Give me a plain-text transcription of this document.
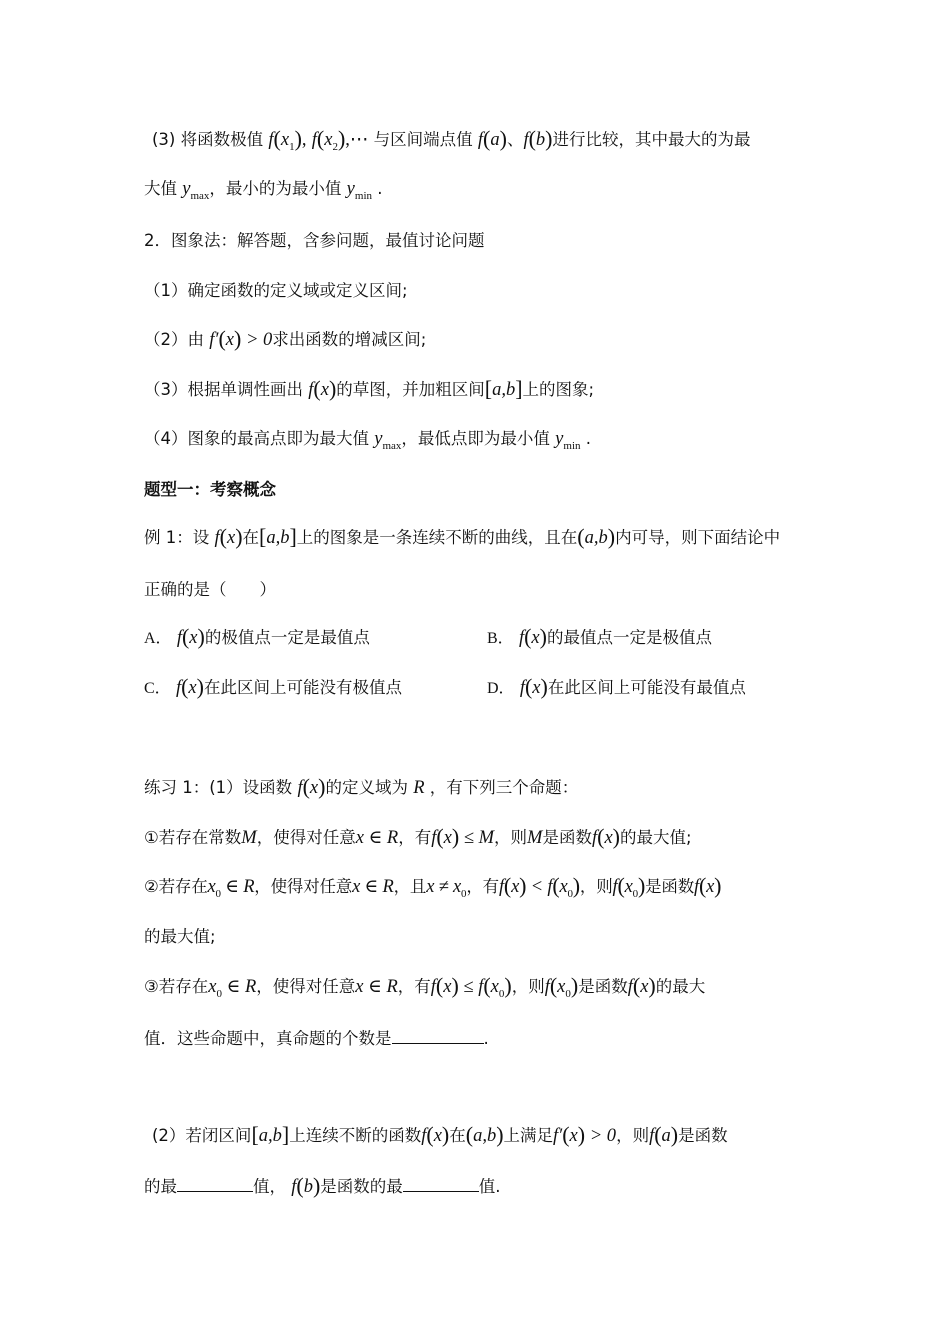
(3) 将函数极值 $f(x_1)$, $f(x_2),\cdots$ 与区间端点值 f(a)、f(b)进行比较，其中最大的为最
大值 $y_{max}$，最小的为最小值 $y_{min}$ .
2．图象法：解答题，含参问题，最值讨论问题
（1）确定函数的定义域或定义区间;
（2）由 f′(x) > 0求出函数的增减区间;
（3）根据单调性画出 f(x)的草图，并加粗区间[a,b]上的图象;
（4）图象的最高点即为最大值 $y_{max}$，最低点即为最小值 $y_{min}$ .
题型一：考察概念
例 1：设 f(x)在[a,b]上的图象是一条连续不断的曲线，且在(a,b)内可导，则下面结论中
正确的是（　　）
A． f(x)的极值点一定是最值点	B． f(x)的最值点一定是极值点
C． f(x)在此区间上可能没有极值点	D． f(x)在此区间上可能没有最值点
练习 1：(1）设函数 f(x)的定义域为 R ，有下列三个命题：
①若存在常数M，使得对任意x ∈ R，有f(x) ≤ M，则M是函数f(x)的最大值;
②若存在$x_0$ ∈ R，使得对任意x ∈ R，且$x \ne x_0$，有$f(x) < f(x_0)$，则$f(x_0)$是函数f(x)
的最大值;
③若存在$x_0$ ∈ R，使得对任意x ∈ R，有$f(x) \le f(x_0)$，则$f(x_0)$是函数f(x)的最大
值．这些命题中，真命题的个数是	.
(2）若闭区间[a,b]上连续不断的函数f(x)在(a,b)上满足f′(x) > 0，则f(a)是函数
的最	值， f(b)是函数的最	值.
